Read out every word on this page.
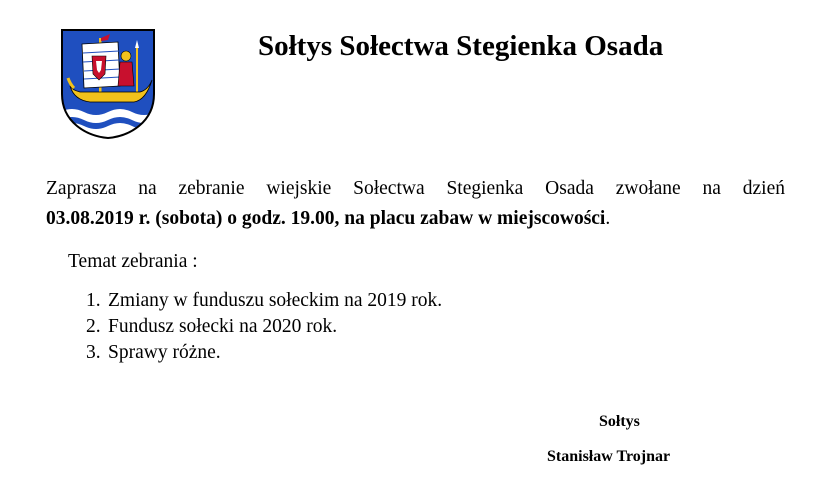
Sołtys Sołectwa Stegienka Osada
Zaprasza na zebranie wiejskie Sołectwa Stegienka Osada zwołane na dzień
03.08.2019 r. (sobota) o godz. 19.00, na placu zabaw w miejscowości.
Temat zebrania :
1. Zmiany w funduszu sołeckim na 2019 rok.
2. Fundusz sołecki na 2020 rok.
3. Sprawy różne.
Sołtys
Stanisław Trojnar
